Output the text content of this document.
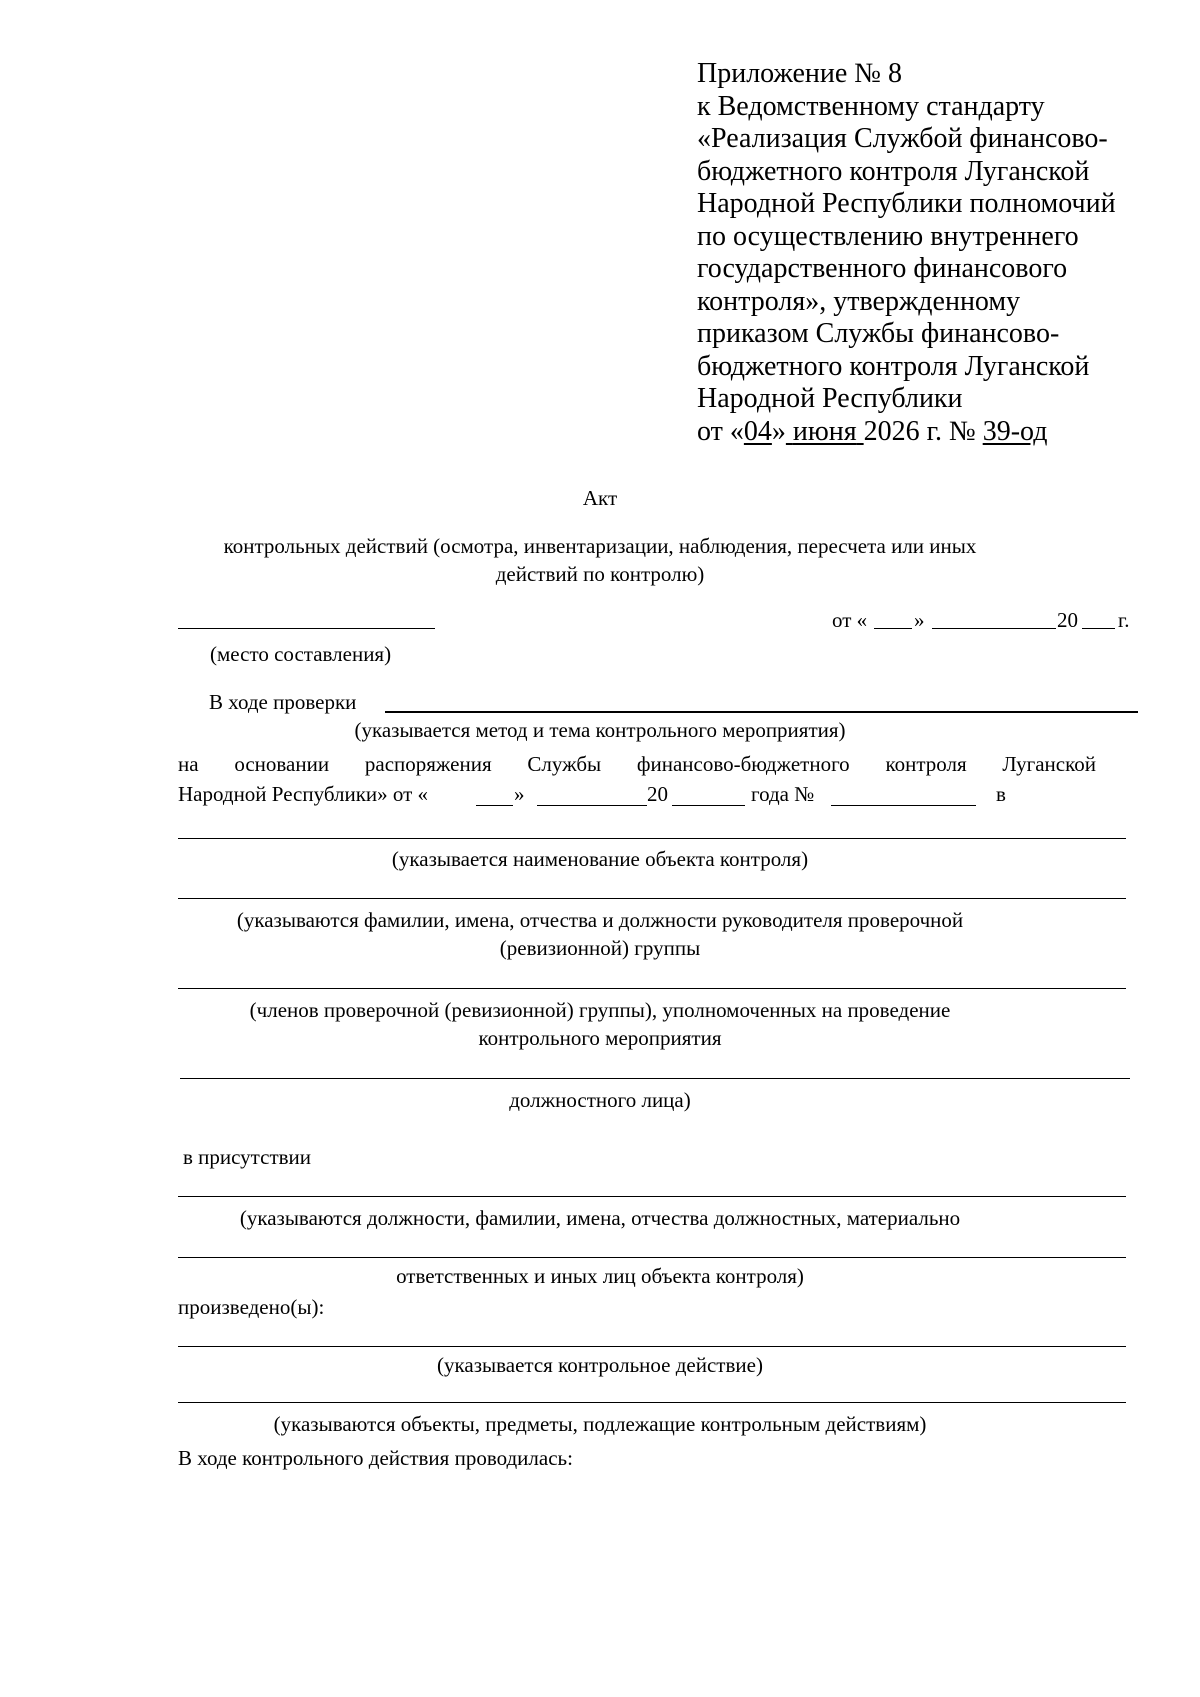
Приложение № 8
к Ведомственному стандарту
«Реализация Службой финансово-
бюджетного контроля Луганской
Народной Республики полномочий
по осуществлению внутреннего
государственного финансового
контроля», утвержденному
приказом Службы финансово-
бюджетного контроля Луганской
Народной Республики
от «04» июня 2026 г. № 39-од
Акт
контрольных действий (осмотра, инвентаризации, наблюдения, пересчета или иных
действий по контролю)
от « »	20 г.
(место составления)
В ходе проверки
(указывается метод и тема контрольного мероприятия)
на основании распоряжения Службы финансово-бюджетного контроля Луганской
Народной Республики» от «	»	20	года №	в
(указывается наименование объекта контроля)
(указываются фамилии, имена, отчества и должности руководителя проверочной
(ревизионной) группы
(членов проверочной (ревизионной) группы), уполномоченных на проведение
контрольного мероприятия
должностного лица)
в присутствии
(указываются должности, фамилии, имена, отчества должностных, материально
ответственных и иных лиц объекта контроля)
произведено(ы):
(указывается контрольное действие)
(указываются объекты, предметы, подлежащие контрольным действиям)
В ходе контрольного действия проводилась:
